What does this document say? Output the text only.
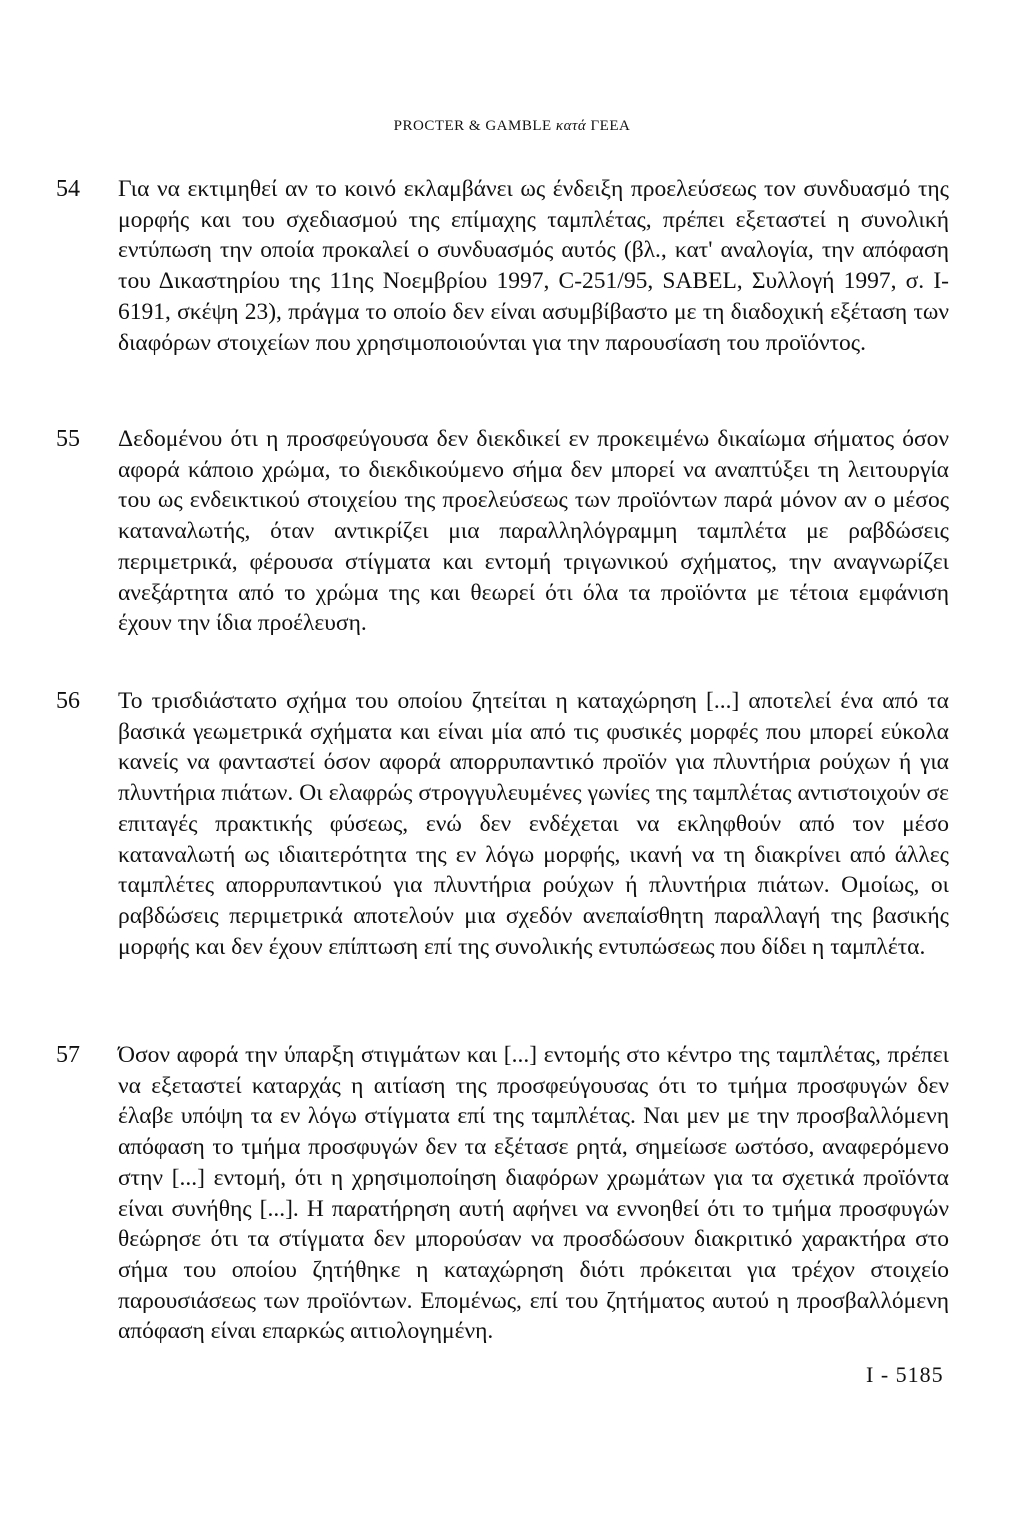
PROCTER & GAMBLE κατά ΓΕΕΑ
54	Για να εκτιμηθεί αν το κοινό εκλαμβάνει ως ένδειξη προελεύσεως τον συνδυασμό της μορφής και του σχεδιασμού της επίμαχης ταμπλέτας, πρέπει εξεταστεί η συνολική εντύπωση την οποία προκαλεί ο συνδυασμός αυτός (βλ., κατ' αναλογία, την απόφαση του Δικαστηρίου της 11ης Νοεμβρίου 1997, C-251/95, SABEL, Συλλογή 1997, σ. I-6191, σκέψη 23), πράγμα το οποίο δεν είναι ασυμβίβαστο με τη διαδοχική εξέταση των διαφόρων στοιχείων που χρησιμοποιούνται για την παρουσίαση του προϊόντος.
55	Δεδομένου ότι η προσφεύγουσα δεν διεκδικεί εν προκειμένω δικαίωμα σήματος όσον αφορά κάποιο χρώμα, το διεκδικούμενο σήμα δεν μπορεί να αναπτύξει τη λειτουργία του ως ενδεικτικού στοιχείου της προελεύσεως των προϊόντων παρά μόνον αν ο μέσος καταναλωτής, όταν αντικρίζει μια παραλληλόγραμμη ταμπλέτα με ραβδώσεις περιμετρικά, φέρουσα στίγματα και εντομή τριγωνικού σχήματος, την αναγνωρίζει ανεξάρτητα από το χρώμα της και θεωρεί ότι όλα τα προϊόντα με τέτοια εμφάνιση έχουν την ίδια προέλευση.
56	Το τρισδιάστατο σχήμα του οποίου ζητείται η καταχώρηση [...] αποτελεί ένα από τα βασικά γεωμετρικά σχήματα και είναι μία από τις φυσικές μορφές που μπορεί εύκολα κανείς να φανταστεί όσον αφορά απορρυπαντικό προϊόν για πλυντήρια ρούχων ή για πλυντήρια πιάτων. Οι ελαφρώς στρογγυλευμένες γωνίες της ταμπλέτας αντιστοιχούν σε επιταγές πρακτικής φύσεως, ενώ δεν ενδέχεται να εκληφθούν από τον μέσο καταναλωτή ως ιδιαιτερότητα της εν λόγω μορφής, ικανή να τη διακρίνει από άλλες ταμπλέτες απορρυπαντικού για πλυντήρια ρούχων ή πλυντήρια πιάτων. Ομοίως, οι ραβδώσεις περιμετρικά αποτελούν μια σχεδόν ανεπαίσθητη παραλλαγή της βασικής μορφής και δεν έχουν επίπτωση επί της συνολικής εντυπώσεως που δίδει η ταμπλέτα.
57	Όσον αφορά την ύπαρξη στιγμάτων και [...] εντομής στο κέντρο της ταμπλέτας, πρέπει να εξεταστεί καταρχάς η αιτίαση της προσφεύγουσας ότι το τμήμα προσφυγών δεν έλαβε υπόψη τα εν λόγω στίγματα επί της ταμπλέτας. Ναι μεν με την προσβαλλόμενη απόφαση το τμήμα προσφυγών δεν τα εξέτασε ρητά, σημείωσε ωστόσο, αναφερόμενο στην [...] εντομή, ότι η χρησιμοποίηση διαφόρων χρωμάτων για τα σχετικά προϊόντα είναι συνήθης [...]. Η παρατήρηση αυτή αφήνει να εννοηθεί ότι το τμήμα προσφυγών θεώρησε ότι τα στίγματα δεν μπορούσαν να προσδώσουν διακριτικό χαρακτήρα στο σήμα του οποίου ζητήθηκε η καταχώρηση διότι πρόκειται για τρέχον στοιχείο παρουσιάσεως των προϊόντων. Επομένως, επί του ζητήματος αυτού η προσβαλλόμενη απόφαση είναι επαρκώς αιτιολογημένη.
I - 5185
